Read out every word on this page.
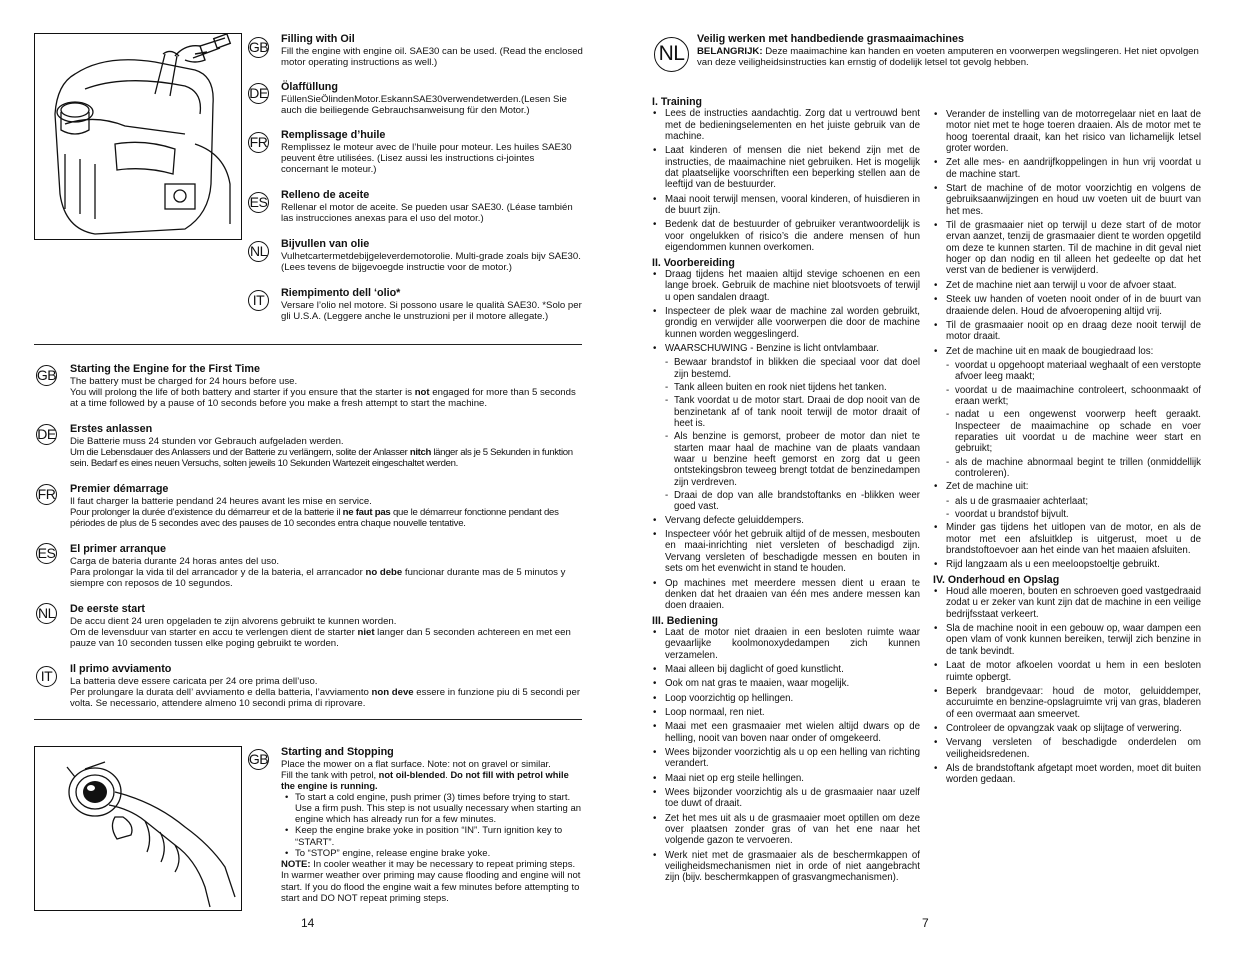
GB
Filling with Oil
Fill the engine with engine oil. SAE30 can be used. (Read the enclosed motor operating instructions as well.)
DE Ölaffüllung
FüllenSieÖlindenMotor.EskannSAE30verwendetwerden.(Lesen Sie auch die beiliegende Gebrauchsanweisung für den Motor.)
FR Remplissage d’huile
Remplissez le moteur avec de l’huile pour moteur. Les huiles SAE30 peuvent être utilisées. (Lisez aussi les instructions ci-jointes concernant le moteur.)
ES Relleno de aceite
Rellenar el motor de aceite. Se pueden usar SAE30. (Léase también las instrucciones anexas para el uso del motor.)
NL Bijvullen van olie
Vulhetcartermetdebijgeleverdemotorolie. Multi-grade zoals bijv SAE30. (Lees tevens de bijgevoegde instructie voor de motor.)
IT Riempimento dell ‘olio*
Versare l’olio nel motore. Si possono usare le qualità SAE30. *Solo per gli U.S.A. (Leggere anche le unstruzioni per il motore allegate.)
GB Starting the Engine for the First Time
The battery must be charged for 24 hours before use.
You will prolong the life of both battery and starter if you ensure that the starter is not engaged for more than 5 seconds at a time followed by a pause of 10 seconds before you make a fresh attempt to start the machine.
DE Erstes anlassen
Die Batterie muss 24 stunden vor Gebrauch aufgeladen werden.
Um die Lebensdauer des Anlassers und der Batterie zu verlängern, solite der Anlasser nitch länger als je 5 Sekunden in funktion sein. Bedarf es eines neuen Versuchs, solten jeweils 10 Sekunden Wartezeit eingeschaltet werden.
FR Premier démarrage
Il faut charger la batterie pendand 24 heures avant les mise en service.
Pour prolonger la durée d’existence du démarreur et de la batterie il ne faut pas que le démarreur fonctionne pendant des périodes de plus de 5 secondes avec des pauses de 10 secondes entra chaque nouvelle tentative.
ES El primer arranque
Carga de bateria durante 24 horas antes del uso.
Para prolongar la vida til del arrancador y de la bateria, el arrancador no debe funcionar durante mas de 5 minutos y siempre con reposos de 10 segundos.
NL De eerste start
De accu dient 24 uren opgeladen te zijn alvorens gebruikt te kunnen worden.
Om de levensduur van starter en accu te verlengen dient de starter niet langer dan 5 seconden achtereen en met een pauze van 10 seconden tussen elke poging gebruikt te worden.
IT Il primo avviamento
La batteria deve essere caricata per 24 ore prima dell’uso.
Per prolungare la durata dell’ avviamento e della batteria, l’avviamento non deve essere in funzione piu di 5 secondi per volta. Se necessario, attendere almeno 10 secondi prima di riprovare.
GB Starting and Stopping
Place the mower on a flat surface. Note: not on gravel or similar.
Fill the tank with petrol, not oil-blended. Do not fill with petrol while the engine is running.
• To start a cold engine, push primer (3) times before trying to start. Use a firm push. This step is not usually necessary when starting an engine which has already run for a few minutes.
• Keep the engine brake yoke in position “IN”. Turn ignition key to “START”.
• To “STOP” engine, release engine brake yoke.
NOTE: In cooler weather it may be necessary to repeat priming steps. In warmer weather over priming may cause flooding and engine will not start. If you do flood the engine wait a few minutes before attempting to start and DO NOT repeat priming steps.
14
NL
Veilig werken met handbediende grasmaaimachines
BELANGRIJK: Deze maaimachine kan handen en voeten amputeren en voorwerpen wegslingeren. Het niet opvolgen van deze veiligheidsinstructies kan ernstig of dodelijk letsel tot gevolg hebben.
I. Training
• Lees de instructies aandachtig. Zorg dat u vertrouwd bent met de bedieningselementen en het juiste gebruik van de machine.
• Laat kinderen of mensen die niet bekend zijn met de instructies, de maaimachine niet gebruiken. Het is mogelijk dat plaatselijke voorschriften een beperking stellen aan de leeftijd van de bestuurder.
• Maai nooit terwijl mensen, vooral kinderen, of huisdieren in de buurt zijn.
• Bedenk dat de bestuurder of gebruiker verantwoordelijk is voor ongelukken of risico’s die andere mensen of hun eigendommen kunnen overkomen.
II. Voorbereiding
• Draag tijdens het maaien altijd stevige schoenen en een lange broek. Gebruik de machine niet blootsvoets of terwijl u open sandalen draagt.
• Inspecteer de plek waar de machine zal worden gebruikt, grondig en verwijder alle voorwerpen die door de machine kunnen worden weggeslingerd.
• WAARSCHUWING - Benzine is licht ontvlambaar.
- Bewaar brandstof in blikken die speciaal voor dat doel zijn bestemd.
- Tank alleen buiten en rook niet tijdens het tanken.
- Tank voordat u de motor start. Draai de dop nooit van de benzinetank af of tank nooit terwijl de motor draait of heet is.
- Als benzine is gemorst, probeer de motor dan niet te starten maar haal de machine van de plaats vandaan waar u benzine heeft gemorst en zorg dat u geen ontstekingsbron teweeg brengt totdat de benzinedampen zijn verdreven.
- Draai de dop van alle brandstoftanks en -blikken weer goed vast.
• Vervang defecte geluiddempers.
• Inspecteer vóór het gebruik altijd of de messen, mesbouten en maai-inrichting niet versleten of beschadigd zijn. Vervang versleten of beschadigde messen en bouten in sets om het evenwicht in stand te houden.
• Op machines met meerdere messen dient u eraan te denken dat het draaien van één mes andere messen kan doen draaien.
III. Bediening
• Laat de motor niet draaien in een besloten ruimte waar gevaarlijke koolmonoxydedampen zich kunnen verzamelen.
• Maai alleen bij daglicht of goed kunstlicht.
• Ook om nat gras te maaien, waar mogelijk.
• Loop voorzichtig op hellingen.
• Loop normaal, ren niet.
• Maai met een grasmaaier met wielen altijd dwars op de helling, nooit van boven naar onder of omgekeerd.
• Wees bijzonder voorzichtig als u op een helling van richting verandert.
• Maai niet op erg steile hellingen.
• Wees bijzonder voorzichtig als u de grasmaaier naar uzelf toe duwt of draait.
• Zet het mes uit als u de grasmaaier moet optillen om deze over plaatsen zonder gras of van het ene naar het volgende gazon te vervoeren.
• Werk niet met de grasmaaier als de beschermkappen of veiligheidsmechanismen niet in orde of niet aangebracht zijn (bijv. beschermkappen of grasvangmechanismen).
• Verander de instelling van de motorregelaar niet en laat de motor niet met te hoge toeren draaien. Als de motor met te hoog toerental draait, kan het risico van lichamelijk letsel groter worden.
• Zet alle mes- en aandrijfkoppelingen in hun vrij voordat u de machine start.
• Start de machine of de motor voorzichtig en volgens de gebruiksaanwijzingen en houd uw voeten uit de buurt van het mes.
• Til de grasmaaier niet op terwijl u deze start of de motor ervan aanzet, tenzij de grasmaaier dient te worden opgetild om deze te kunnen starten. Til de machine in dit geval niet hoger op dan nodig en til alleen het gedeelte op dat het verst van de bediener is verwijderd.
• Zet de machine niet aan terwijl u voor de afvoer staat.
• Steek uw handen of voeten nooit onder of in de buurt van draaiende delen. Houd de afvoeropening altijd vrij.
• Til de grasmaaier nooit op en draag deze nooit terwijl de motor draait.
• Zet de machine uit en maak de bougiedraad los:
- voordat u opgehoopt materiaal weghaalt of een verstopte afvoer leeg maakt;
- voordat u de maaimachine controleert, schoonmaakt of eraan werkt;
- nadat u een ongewenst voorwerp heeft geraakt. Inspecteer de maaimachine op schade en voer reparaties uit voordat u de machine weer start en gebruikt;
- als de machine abnormaal begint te trillen (onmiddellijk controleren).
• Zet de machine uit:
- als u de grasmaaier achterlaat;
- voordat u brandstof bijvult.
• Minder gas tijdens het uitlopen van de motor, en als de motor met een afsluitklep is uitgerust, moet u de brandstoftoevoer aan het einde van het maaien afsluiten.
• Rijd langzaam als u een meeloopstoeltje gebruikt.
IV. Onderhoud en Opslag
• Houd alle moeren, bouten en schroeven goed vastgedraaid zodat u er zeker van kunt zijn dat de machine in een veilige bedrijfsstaat verkeert.
• Sla de machine nooit in een gebouw op, waar dampen een open vlam of vonk kunnen bereiken, terwijl zich benzine in de tank bevindt.
• Laat de motor afkoelen voordat u hem in een besloten ruimte opbergt.
• Beperk brandgevaar: houd de motor, geluiddemper, accuruimte en benzine-opslagruimte vrij van gras, bladeren of een overmaat aan smeervet.
• Controleer de opvangzak vaak op slijtage of verwering.
• Vervang versleten of beschadigde onderdelen om veiligheidsredenen.
• Als de brandstoftank afgetapt moet worden, moet dit buiten worden gedaan.
7
